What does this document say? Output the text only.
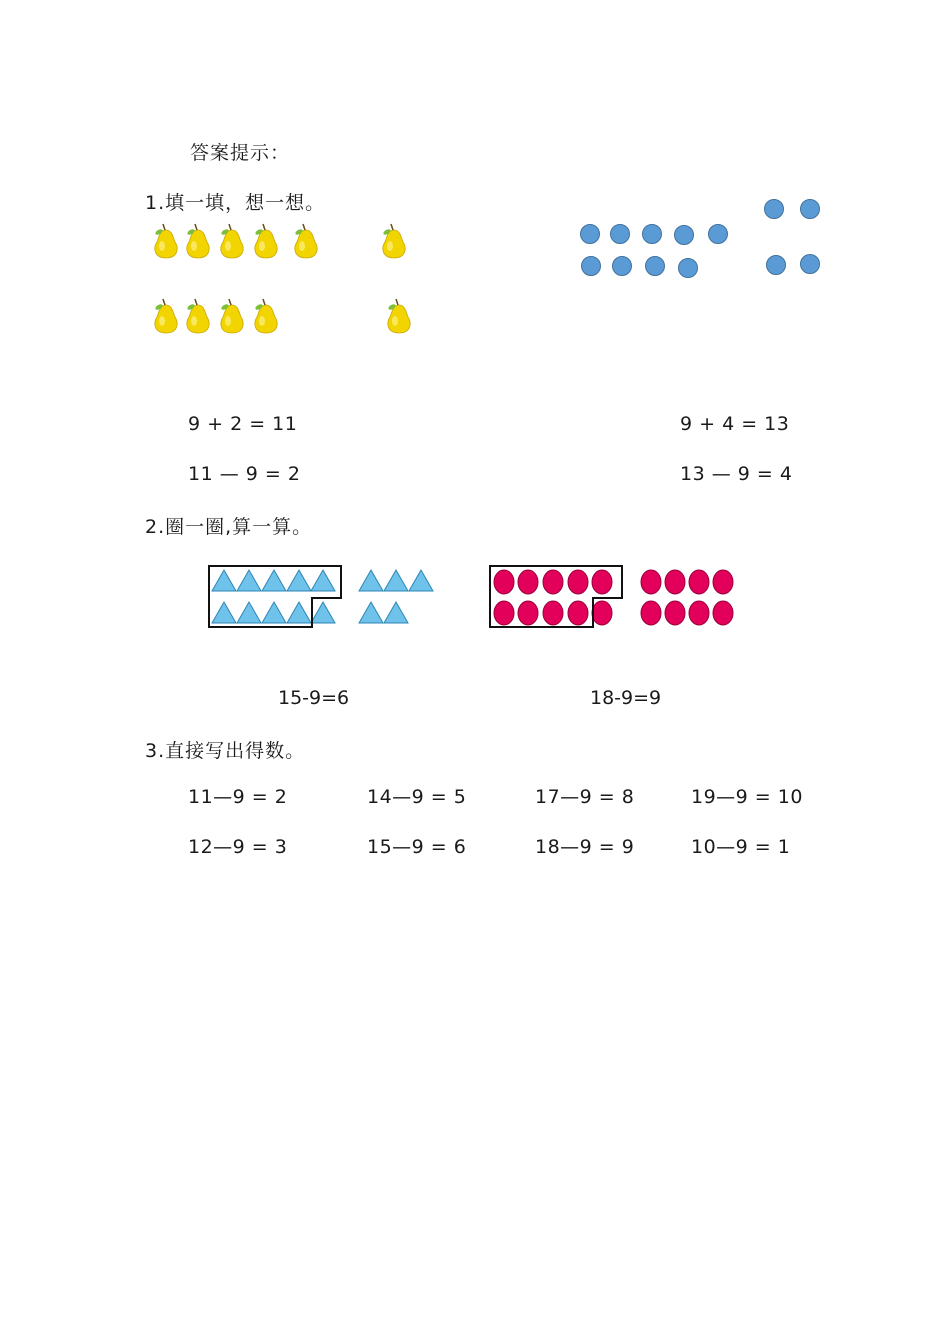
答案提示：
1.填一填，想一想。
9 + 2 = 11
11 — 9 = 2
9 + 4 = 13
13 — 9 = 4
2.圈一圈,算一算。
15-9=6	18-9=9
3.直接写出得数。
11—9 = 2	14—9 = 5	17—9 = 8	19—9 = 10
12—9 = 3	15—9 = 6	18—9 = 9	10—9 = 1
